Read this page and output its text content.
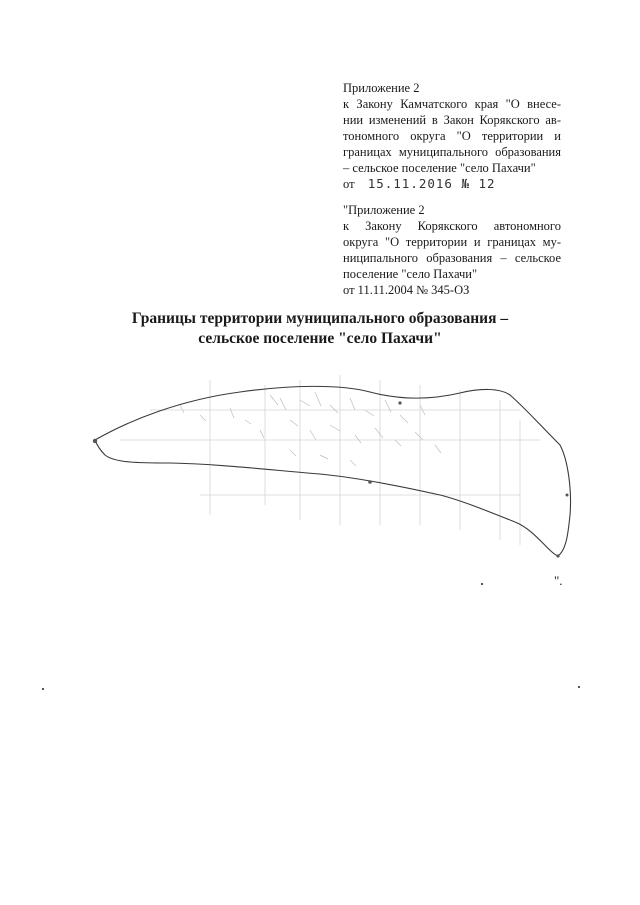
Приложение 2
к Закону Камчатского края "О внесе-
нии изменений в Закон Корякского ав-
тономного округа "О территории и
границах муниципального образования
– сельское поселение "село Пахачи"
от 15.11.2016 № 12
"Приложение 2
к Закону Корякского автономного
округа "О территории и границах му-
ниципального образования – сельское
поселение "село Пахачи"
от 11.11.2004 № 345-ОЗ
Границы территории муниципального образования –
сельское поселение "село Пахачи"
".
